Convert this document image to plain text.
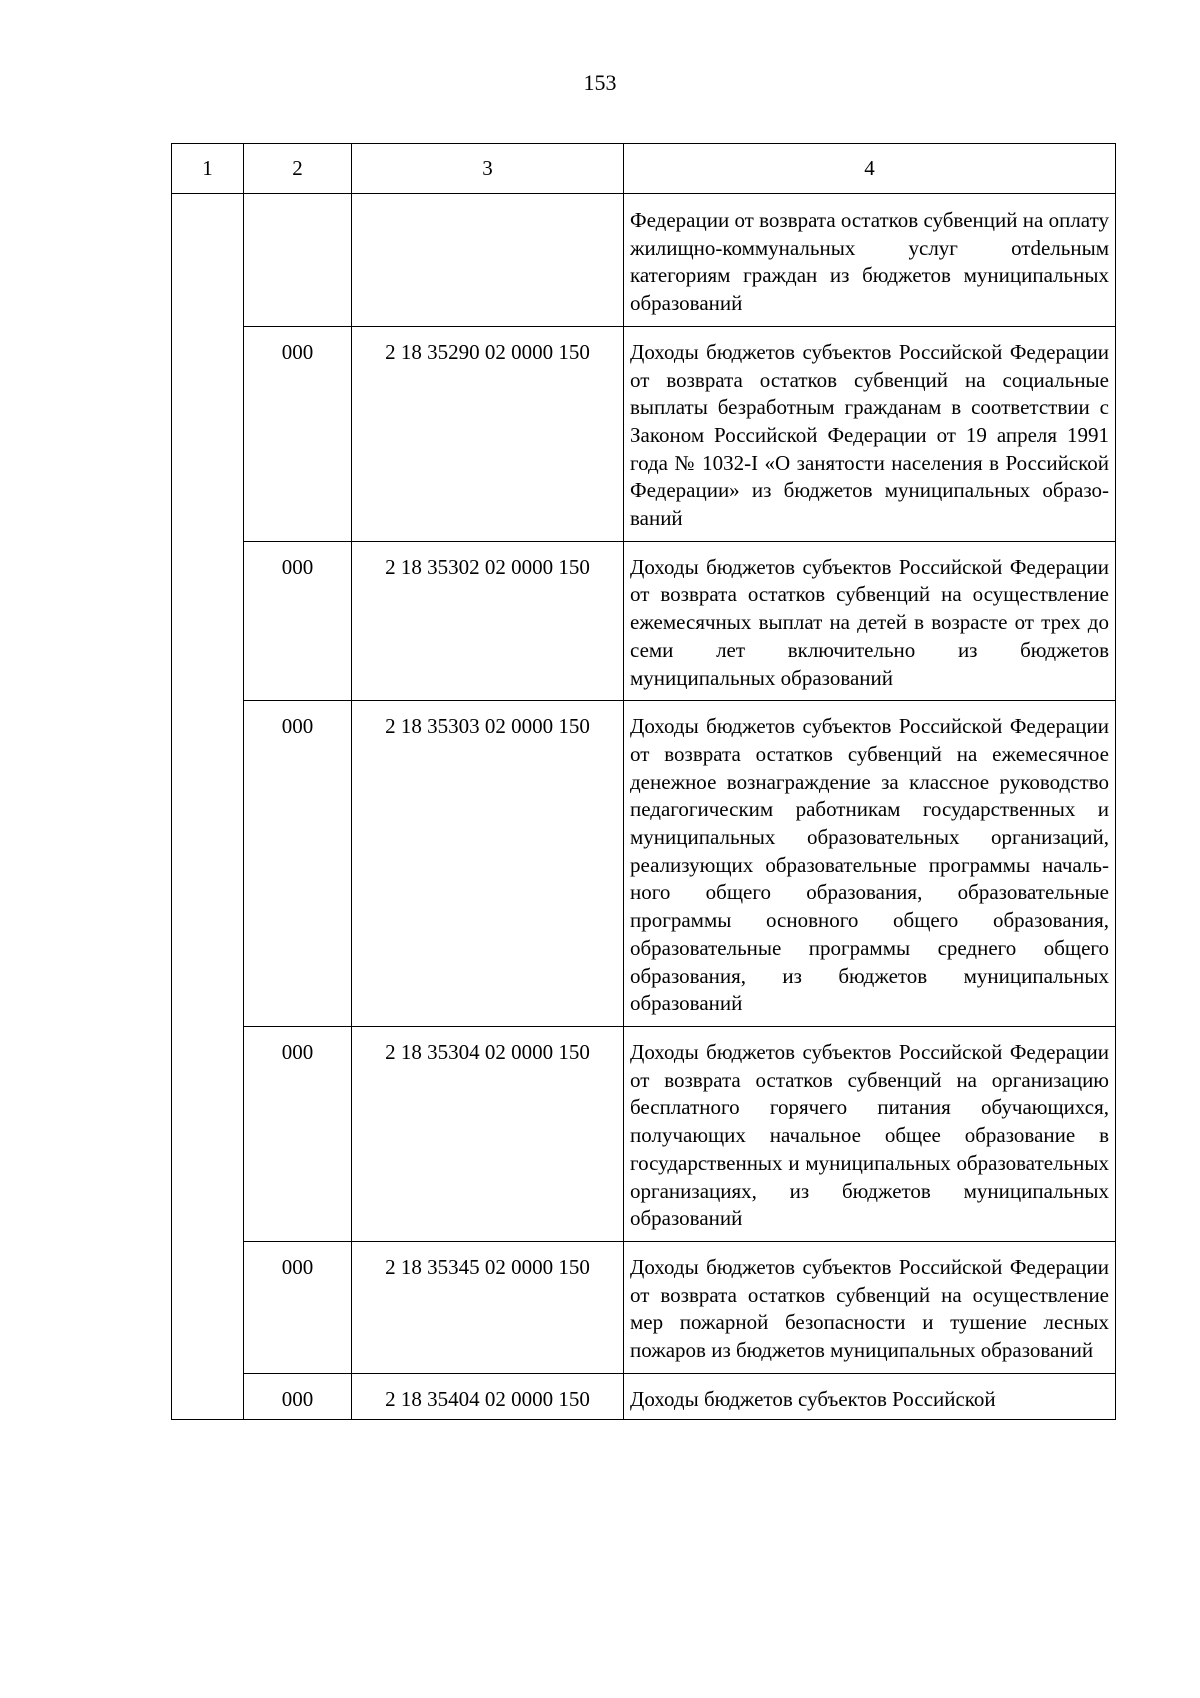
153
1	2	3	4
			Федерации от возврата остатков субвенций на оплату жилищно-коммунальных услуг отdельным категориям граждан из бюджетов муниципальных образований
	000	2 18 35290 02 0000 150	Доходы бюджетов субъектов Российской Федерации от возврата остатков субвенций на социальные выплаты безработным гражданам в соответствии с Законом Российской Федерации от 19 апреля 1991 года № 1032-I «О занятости населения в Российской Федерации» из бюджетов муниципальных образований
	000	2 18 35302 02 0000 150	Доходы бюджетов субъектов Российской Федерации от возврата остатков субвенций на осуществление ежемесячных выплат на детей в возрасте от трех до семи лет включительно из бюджетов муниципальных образований
	000	2 18 35303 02 0000 150	Доходы бюджетов субъектов Российской Федерации от возврата остатков субвенций на ежемесячное денежное вознаграждение за классное руководство педагогическим работникам государственных и муниципальных образовательных организаций, реализующих образовательные программы начального общего образования, образовательные программы основного общего образования, образовательные программы среднего общего образования, из бюджетов муниципальных образований
	000	2 18 35304 02 0000 150	Доходы бюджетов субъектов Российской Федерации от возврата остатков субвенций на организацию бесплатного горячего питания обучающихся, получающих начальное общее образование в государственных и муниципальных образовательных организациях, из бюджетов муниципальных образований
	000	2 18 35345 02 0000 150	Доходы бюджетов субъектов Российской Федерации от возврата остатков субвенций на осуществление мер пожарной безопасности и тушение лесных пожаров из бюджетов муниципальных образований
	000	2 18 35404 02 0000 150	Доходы бюджетов субъектов Российской
